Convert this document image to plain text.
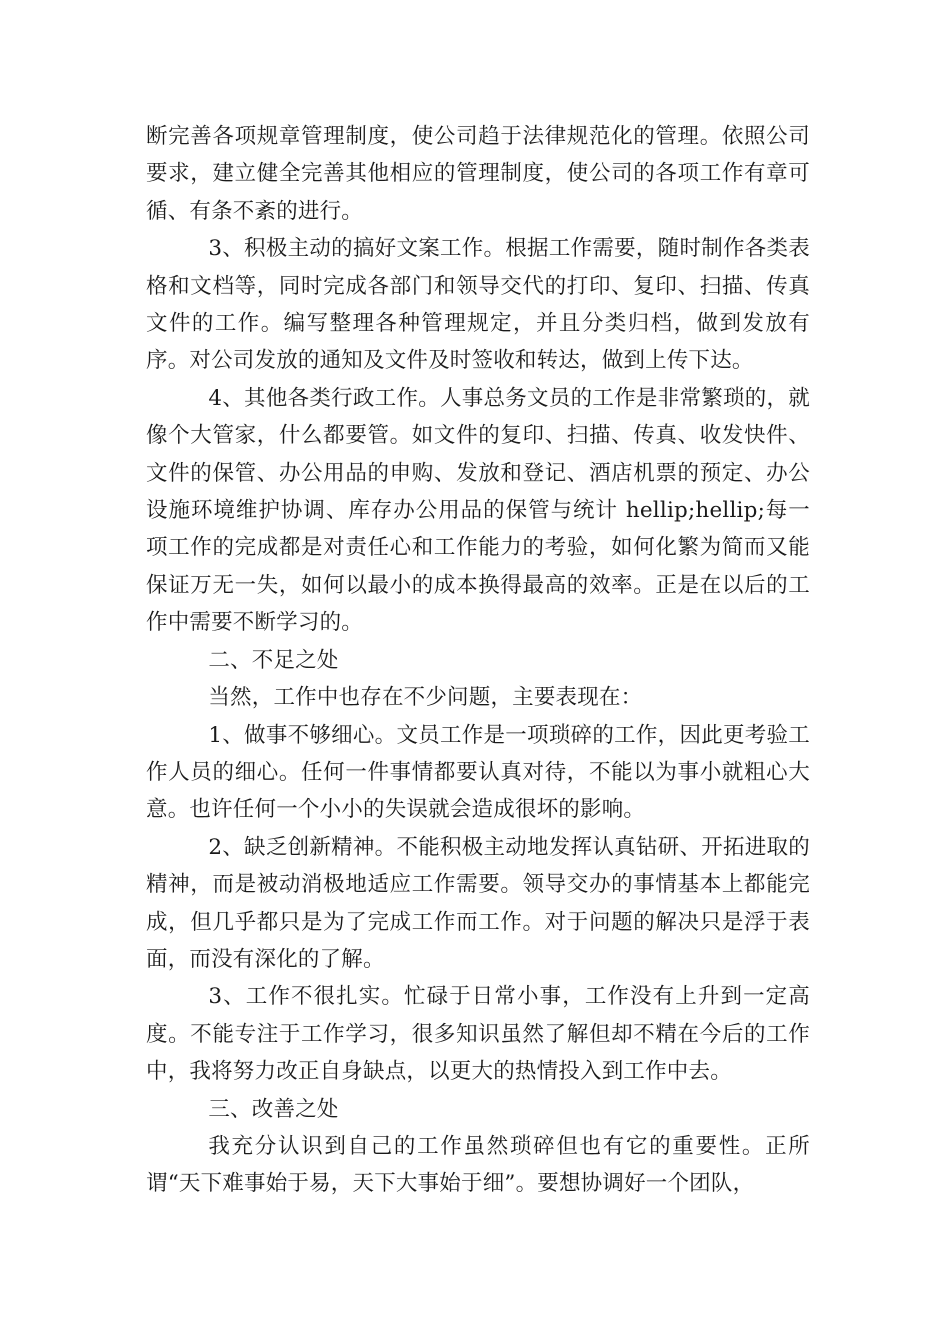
断完善各项规章管理制度，使公司趋于法律规范化的管理。依照公司要求，建立健全完善其他相应的管理制度，使公司的各项工作有章可循、有条不紊的进行。

3、积极主动的搞好文案工作。根据工作需要，随时制作各类表格和文档等，同时完成各部门和领导交代的打印、复印、扫描、传真文件的工作。编写整理各种管理规定，并且分类归档，做到发放有序。对公司发放的通知及文件及时签收和转达，做到上传下达。

4、其他各类行政工作。人事总务文员的工作是非常繁琐的，就像个大管家，什么都要管。如文件的复印、扫描、传真、收发快件、文件的保管、办公用品的申购、发放和登记、酒店机票的预定、办公设施环境维护协调、库存办公用品的保管与统计 hellip;hellip;每一项工作的完成都是对责任心和工作能力的考验，如何化繁为简而又能保证万无一失，如何以最小的成本换得最高的效率。正是在以后的工作中需要不断学习的。

二、不足之处

当然，工作中也存在不少问题，主要表现在：

1、做事不够细心。文员工作是一项琐碎的工作，因此更考验工作人员的细心。任何一件事情都要认真对待，不能以为事小就粗心大意。也许任何一个小小的失误就会造成很坏的影响。

2、缺乏创新精神。不能积极主动地发挥认真钻研、开拓进取的精神，而是被动消极地适应工作需要。领导交办的事情基本上都能完成，但几乎都只是为了完成工作而工作。对于问题的解决只是浮于表面，而没有深化的了解。

3、工作不很扎实。忙碌于日常小事，工作没有上升到一定高度。不能专注于工作学习，很多知识虽然了解但却不精在今后的工作中，我将努力改正自身缺点，以更大的热情投入到工作中去。

三、改善之处

我充分认识到自己的工作虽然琐碎但也有它的重要性。正所谓“天下难事始于易，天下大事始于细”。要想协调好一个团队，
